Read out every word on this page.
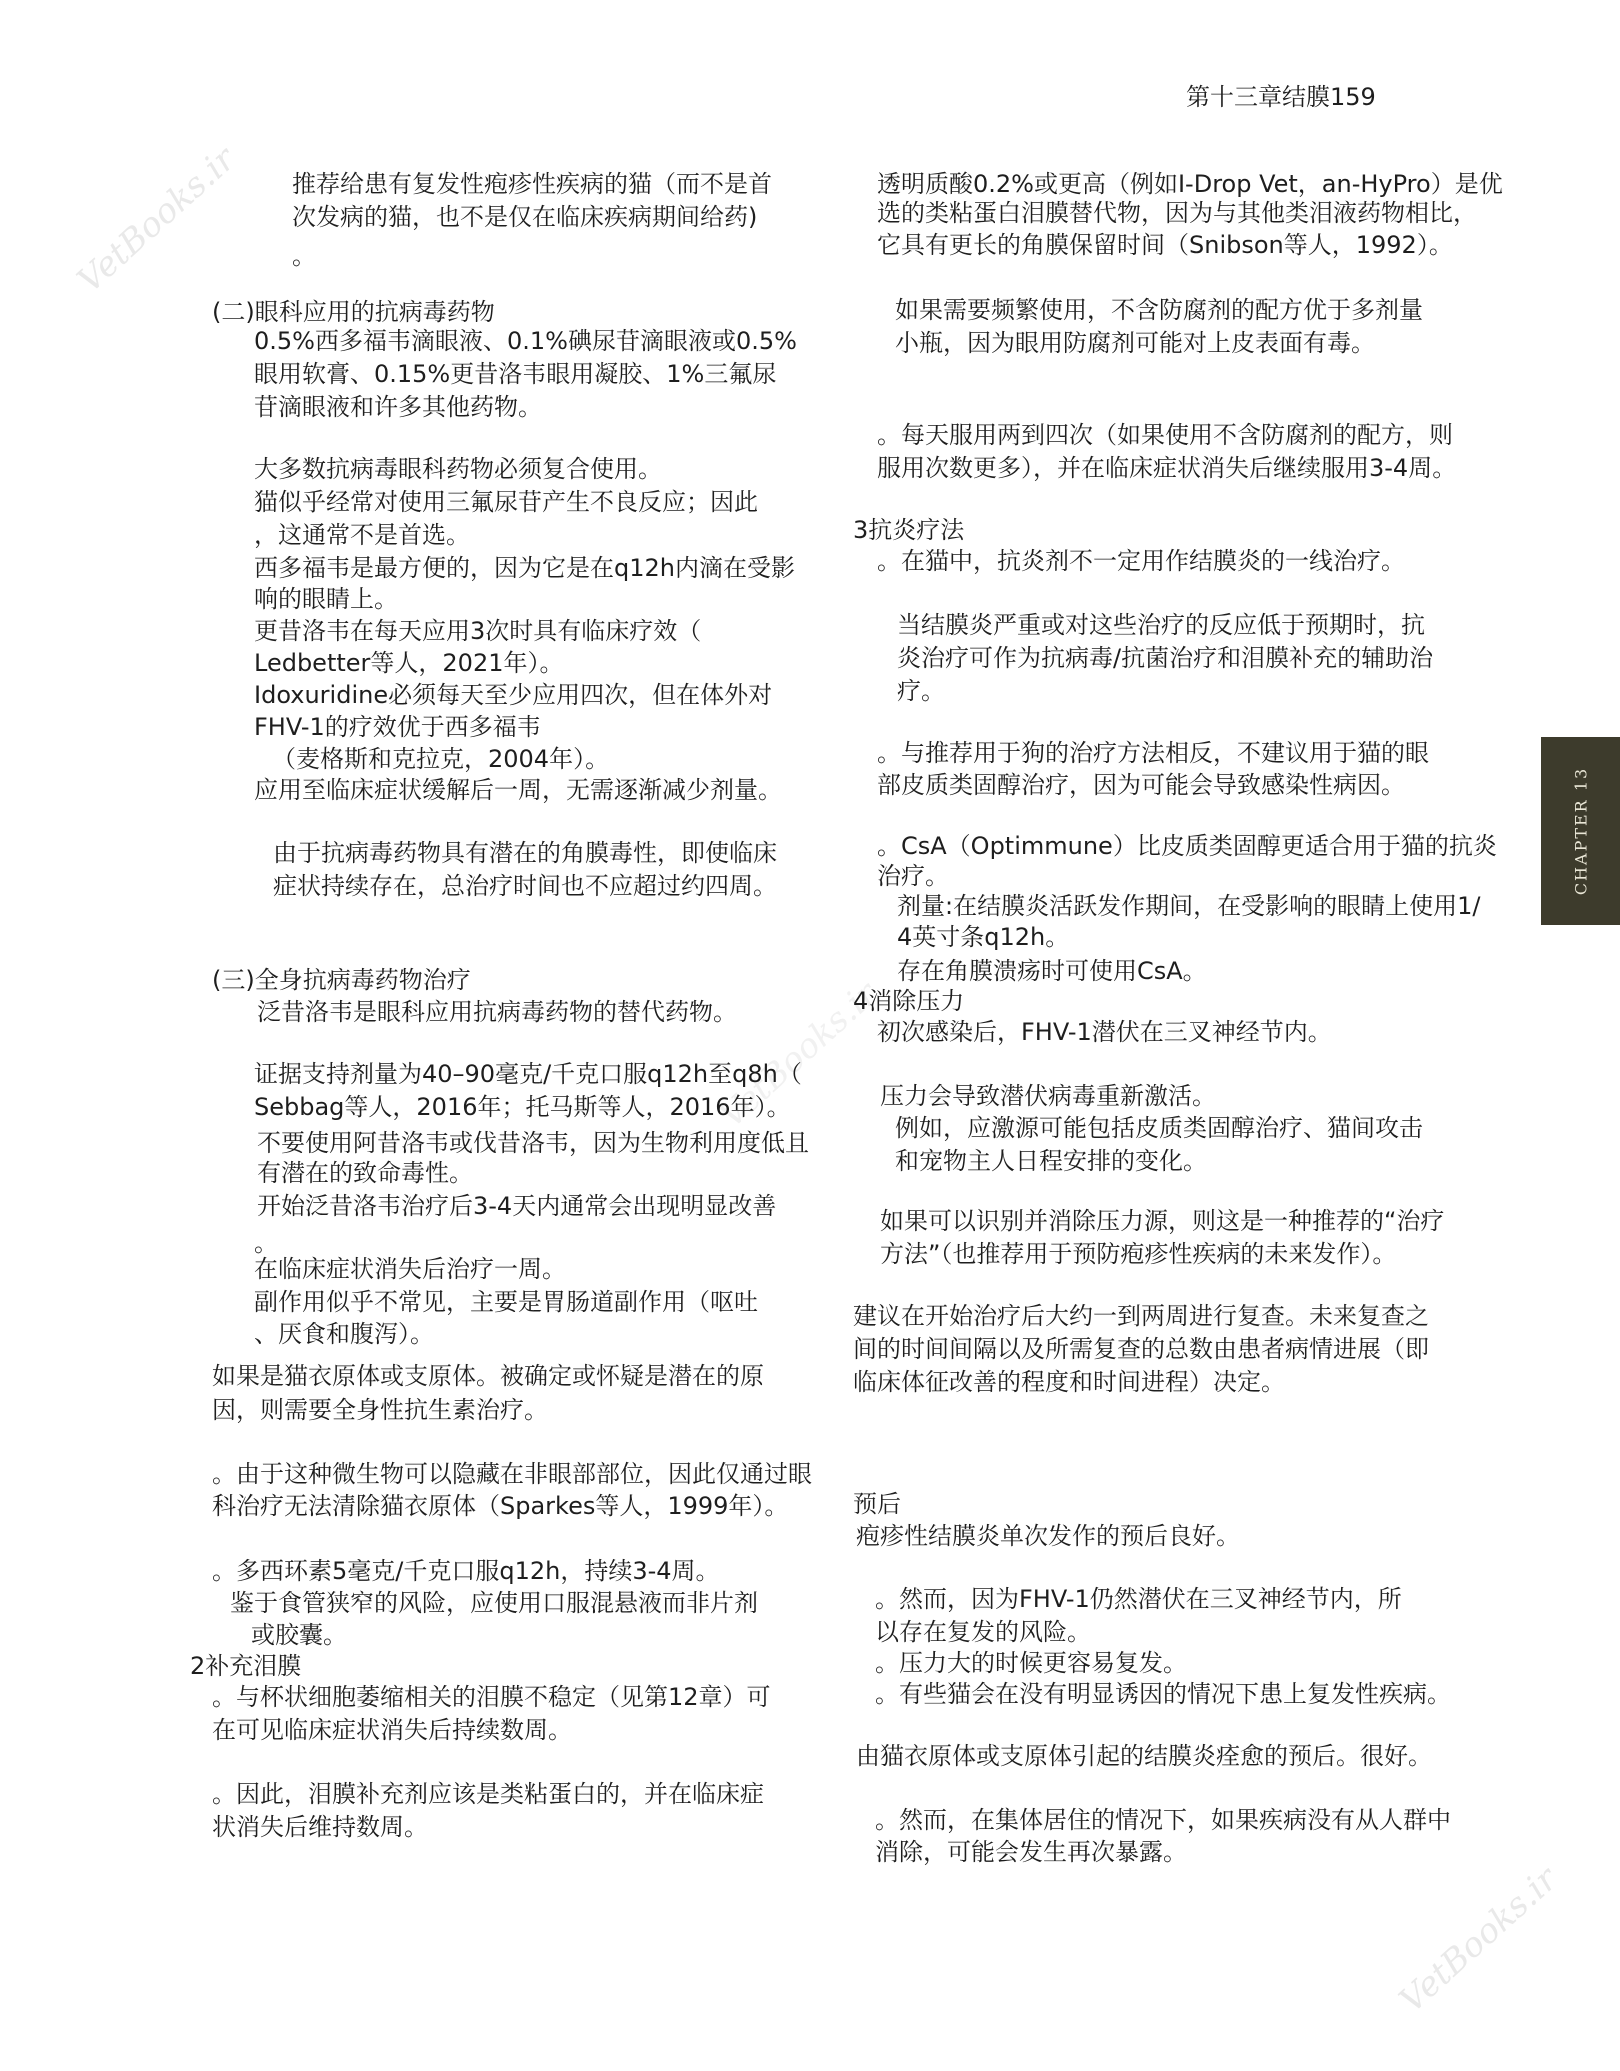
第十三章结膜159
CHAPTER 13
VetBooks.ir
VetBooks.ir
VetBooks.ir

推荐给患有复发性疱疹性疾病的猫（而不是首

次发病的猫，也不是仅在临床疾病期间给药)

。

(二)眼科应用的抗病毒药物

0.5%西多福韦滴眼液、0.1%碘尿苷滴眼液或0.5%

眼用软膏、0.15%更昔洛韦眼用凝胶、1%三氟尿

苷滴眼液和许多其他药物。

大多数抗病毒眼科药物必须复合使用。

猫似乎经常对使用三氟尿苷产生不良反应；因此

，这通常不是首选。

西多福韦是最方便的，因为它是在q12h内滴在受影

响的眼睛上。

更昔洛韦在每天应用3次时具有临床疗效（

Ledbetter等人，2021年）。

Idoxuridine必须每天至少应用四次，但在体外对

FHV-1的疗效优于西多福韦

（麦格斯和克拉克，2004年）。

应用至临床症状缓解后一周，无需逐渐减少剂量。

由于抗病毒药物具有潜在的角膜毒性，即使临床

症状持续存在，总治疗时间也不应超过约四周。

(三)全身抗病毒药物治疗

泛昔洛韦是眼科应用抗病毒药物的替代药物。

证据支持剂量为40–90毫克/千克口服q12h至q8h（

Sebbag等人，2016年；托马斯等人，2016年）。

不要使用阿昔洛韦或伐昔洛韦，因为生物利用度低且

有潜在的致命毒性。

开始泛昔洛韦治疗后3-4天内通常会出现明显改善

。

在临床症状消失后治疗一周。

副作用似乎不常见，主要是胃肠道副作用（呕吐

、厌食和腹泻）。

如果是猫衣原体或支原体。被确定或怀疑是潜在的原

因，则需要全身性抗生素治疗。

。由于这种微生物可以隐藏在非眼部部位，因此仅通过眼

科治疗无法清除猫衣原体（Sparkes等人，1999年）。

。多西环素5毫克/千克口服q12h，持续3-4周。

鉴于食管狭窄的风险，应使用口服混悬液而非片剂

或胶囊。

2补充泪膜

。与杯状细胞萎缩相关的泪膜不稳定（见第12章）可

在可见临床症状消失后持续数周。

。因此，泪膜补充剂应该是类粘蛋白的，并在临床症

状消失后维持数周。

透明质酸0.2%或更高（例如I-Drop Vet，an-HyPro）是优

选的类粘蛋白泪膜替代物，因为与其他类泪液药物相比，

它具有更长的角膜保留时间（Snibson等人，1992）。

如果需要频繁使用，不含防腐剂的配方优于多剂量

小瓶，因为眼用防腐剂可能对上皮表面有毒。

。每天服用两到四次（如果使用不含防腐剂的配方，则

服用次数更多），并在临床症状消失后继续服用3-4周。

3抗炎疗法

。在猫中，抗炎剂不一定用作结膜炎的一线治疗。

当结膜炎严重或对这些治疗的反应低于预期时，抗

炎治疗可作为抗病毒/抗菌治疗和泪膜补充的辅助治

疗。

。与推荐用于狗的治疗方法相反，不建议用于猫的眼

部皮质类固醇治疗，因为可能会导致感染性病因。

。CsA（Optimmune）比皮质类固醇更适合用于猫的抗炎

治疗。

剂量:在结膜炎活跃发作期间，在受影响的眼睛上使用1/

4英寸条q12h。

存在角膜溃疡时可使用CsA。

4消除压力

初次感染后，FHV-1潜伏在三叉神经节内。

压力会导致潜伏病毒重新激活。

例如，应激源可能包括皮质类固醇治疗、猫间攻击

和宠物主人日程安排的变化。

如果可以识别并消除压力源，则这是一种推荐的“治疗

方法”（也推荐用于预防疱疹性疾病的未来发作）。

建议在开始治疗后大约一到两周进行复查。未来复查之

间的时间间隔以及所需复查的总数由患者病情进展（即

临床体征改善的程度和时间进程）决定。

预后

疱疹性结膜炎单次发作的预后良好。

。然而，因为FHV-1仍然潜伏在三叉神经节内，所

以存在复发的风险。

。压力大的时候更容易复发。

。有些猫会在没有明显诱因的情况下患上复发性疾病。

由猫衣原体或支原体引起的结膜炎痊愈的预后。很好。

。然而，在集体居住的情况下，如果疾病没有从人群中

消除，可能会发生再次暴露。
